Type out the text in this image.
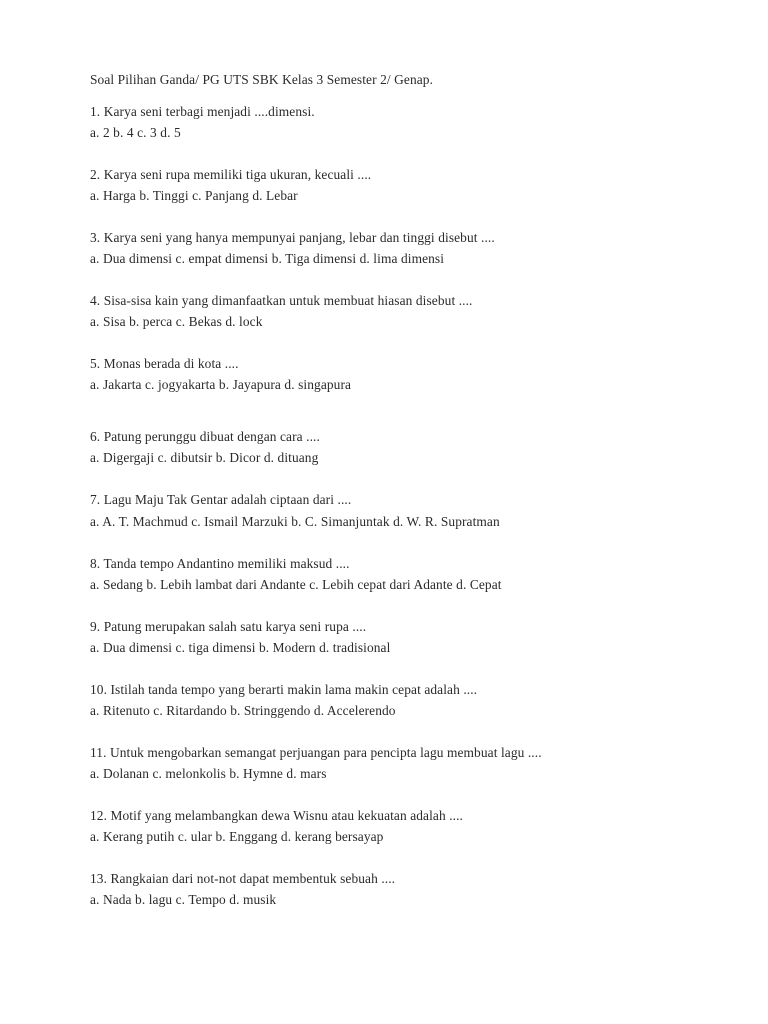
Soal Pilihan Ganda/ PG UTS SBK Kelas 3 Semester 2/ Genap.
1. Karya seni terbagi menjadi ....dimensi.
a. 2 b. 4 c. 3 d. 5
2. Karya seni rupa memiliki tiga ukuran, kecuali ....
a. Harga b. Tinggi c. Panjang d. Lebar
3. Karya seni yang hanya mempunyai panjang, lebar dan tinggi disebut ....
a. Dua dimensi c. empat dimensi b. Tiga dimensi d. lima dimensi
4. Sisa-sisa kain yang dimanfaatkan untuk membuat hiasan disebut ....
a. Sisa b. perca c. Bekas d. lock
5. Monas berada di kota ....
a. Jakarta c. jogyakarta b. Jayapura d. singapura
6. Patung perunggu dibuat dengan cara ....
a. Digergaji c. dibutsir b. Dicor d. dituang
7. Lagu Maju Tak Gentar adalah ciptaan dari ....
a. A. T. Machmud c. Ismail Marzuki b. C. Simanjuntak d. W. R. Supratman
8. Tanda tempo Andantino memiliki maksud ....
a. Sedang b. Lebih lambat dari Andante c. Lebih cepat dari Adante d. Cepat
9. Patung merupakan salah satu karya seni rupa ....
a. Dua dimensi c. tiga dimensi b. Modern d. tradisional
10. Istilah tanda tempo yang berarti makin lama makin cepat adalah ....
a. Ritenuto c. Ritardando b. Stringgendo d. Accelerendo
11. Untuk mengobarkan semangat perjuangan para pencipta lagu membuat lagu ....
a. Dolanan c. melonkolis b. Hymne d. mars
12. Motif yang melambangkan dewa Wisnu atau kekuatan adalah ....
a. Kerang putih c. ular b. Enggang d. kerang bersayap
13. Rangkaian dari not-not dapat membentuk sebuah ....
a. Nada b. lagu c. Tempo d. musik
